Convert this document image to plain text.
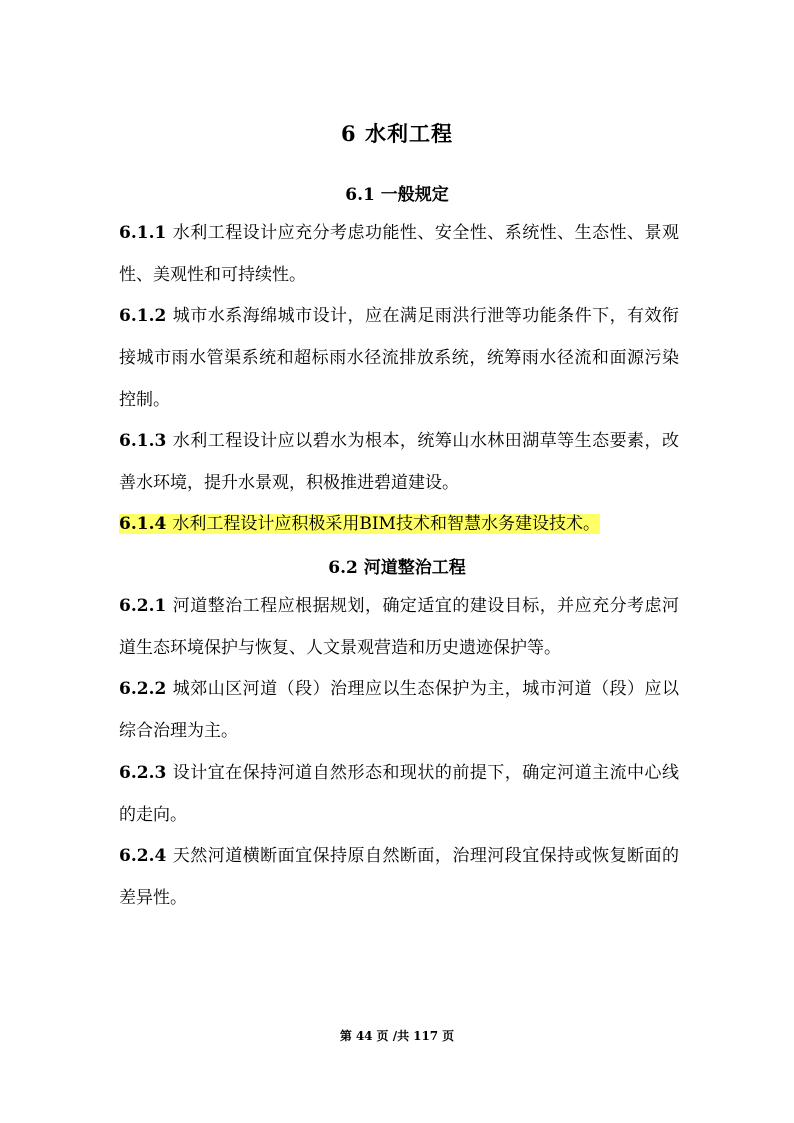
6 水利工程
6.1 一般规定
6.1.1 水利工程设计应充分考虑功能性、安全性、系统性、生态性、景观性、美观性和可持续性。
6.1.2 城市水系海绵城市设计，应在满足雨洪行泄等功能条件下，有效衔接城市雨水管渠系统和超标雨水径流排放系统，统筹雨水径流和面源污染控制。
6.1.3 水利工程设计应以碧水为根本，统筹山水林田湖草等生态要素，改善水环境，提升水景观，积极推进碧道建设。
6.1.4 水利工程设计应积极采用BIM技术和智慧水务建设技术。
6.2 河道整治工程
6.2.1 河道整治工程应根据规划，确定适宜的建设目标，并应充分考虑河道生态环境保护与恢复、人文景观营造和历史遗迹保护等。
6.2.2 城郊山区河道（段）治理应以生态保护为主，城市河道（段）应以综合治理为主。
6.2.3 设计宜在保持河道自然形态和现状的前提下，确定河道主流中心线的走向。
6.2.4 天然河道横断面宜保持原自然断面，治理河段宜保持或恢复断面的差异性。
第 44 页 /共 117 页
